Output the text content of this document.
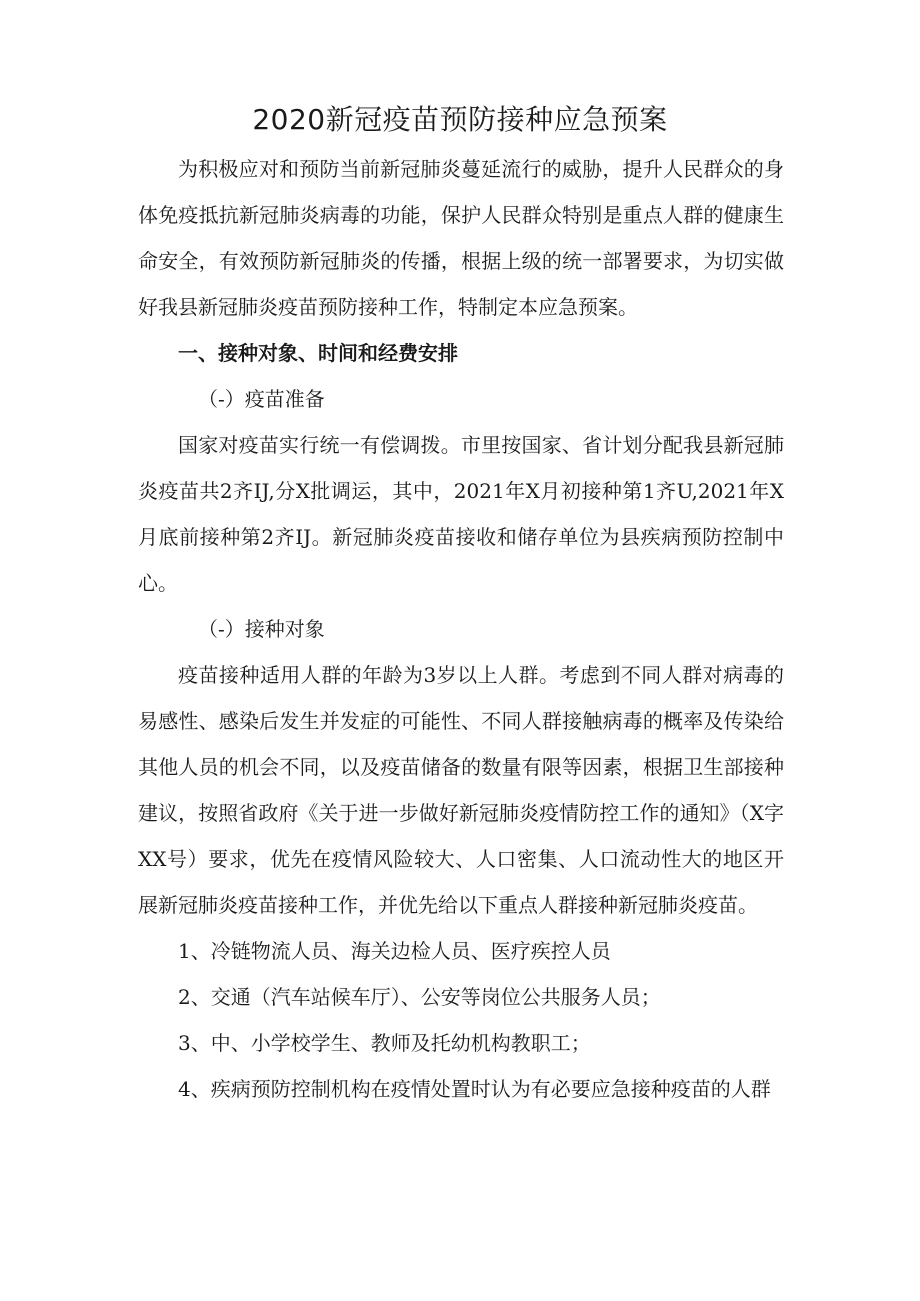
2020新冠疫苗预防接种应急预案

为积极应对和预防当前新冠肺炎蔓延流行的威胁，提升人民群众的身体免疫抵抗新冠肺炎病毒的功能，保护人民群众特别是重点人群的健康生命安全，有效预防新冠肺炎的传播，根据上级的统一部署要求，为切实做好我县新冠肺炎疫苗预防接种工作，特制定本应急预案。

一、接种对象、时间和经费安排

（-）疫苗准备

国家对疫苗实行统一有偿调拨。市里按国家、省计划分配我县新冠肺炎疫苗共2齐IJ,分X批调运，其中，2021年X月初接种第1齐U,2021年X月底前接种第2齐IJ。新冠肺炎疫苗接收和储存单位为县疾病预防控制中心。

（-）接种对象

疫苗接种适用人群的年龄为3岁以上人群。考虑到不同人群对病毒的易感性、感染后发生并发症的可能性、不同人群接触病毒的概率及传染给其他人员的机会不同，以及疫苗储备的数量有限等因素，根据卫生部接种建议，按照省政府《关于进一步做好新冠肺炎疫情防控工作的通知》（X字XX号）要求，优先在疫情风险较大、人口密集、人口流动性大的地区开展新冠肺炎疫苗接种工作，并优先给以下重点人群接种新冠肺炎疫苗。

1、冷链物流人员、海关边检人员、医疗疾控人员

2、交通（汽车站候车厅）、公安等岗位公共服务人员；

3、中、小学校学生、教师及托幼机构教职工；

4、疾病预防控制机构在疫情处置时认为有必要应急接种疫苗的人群
